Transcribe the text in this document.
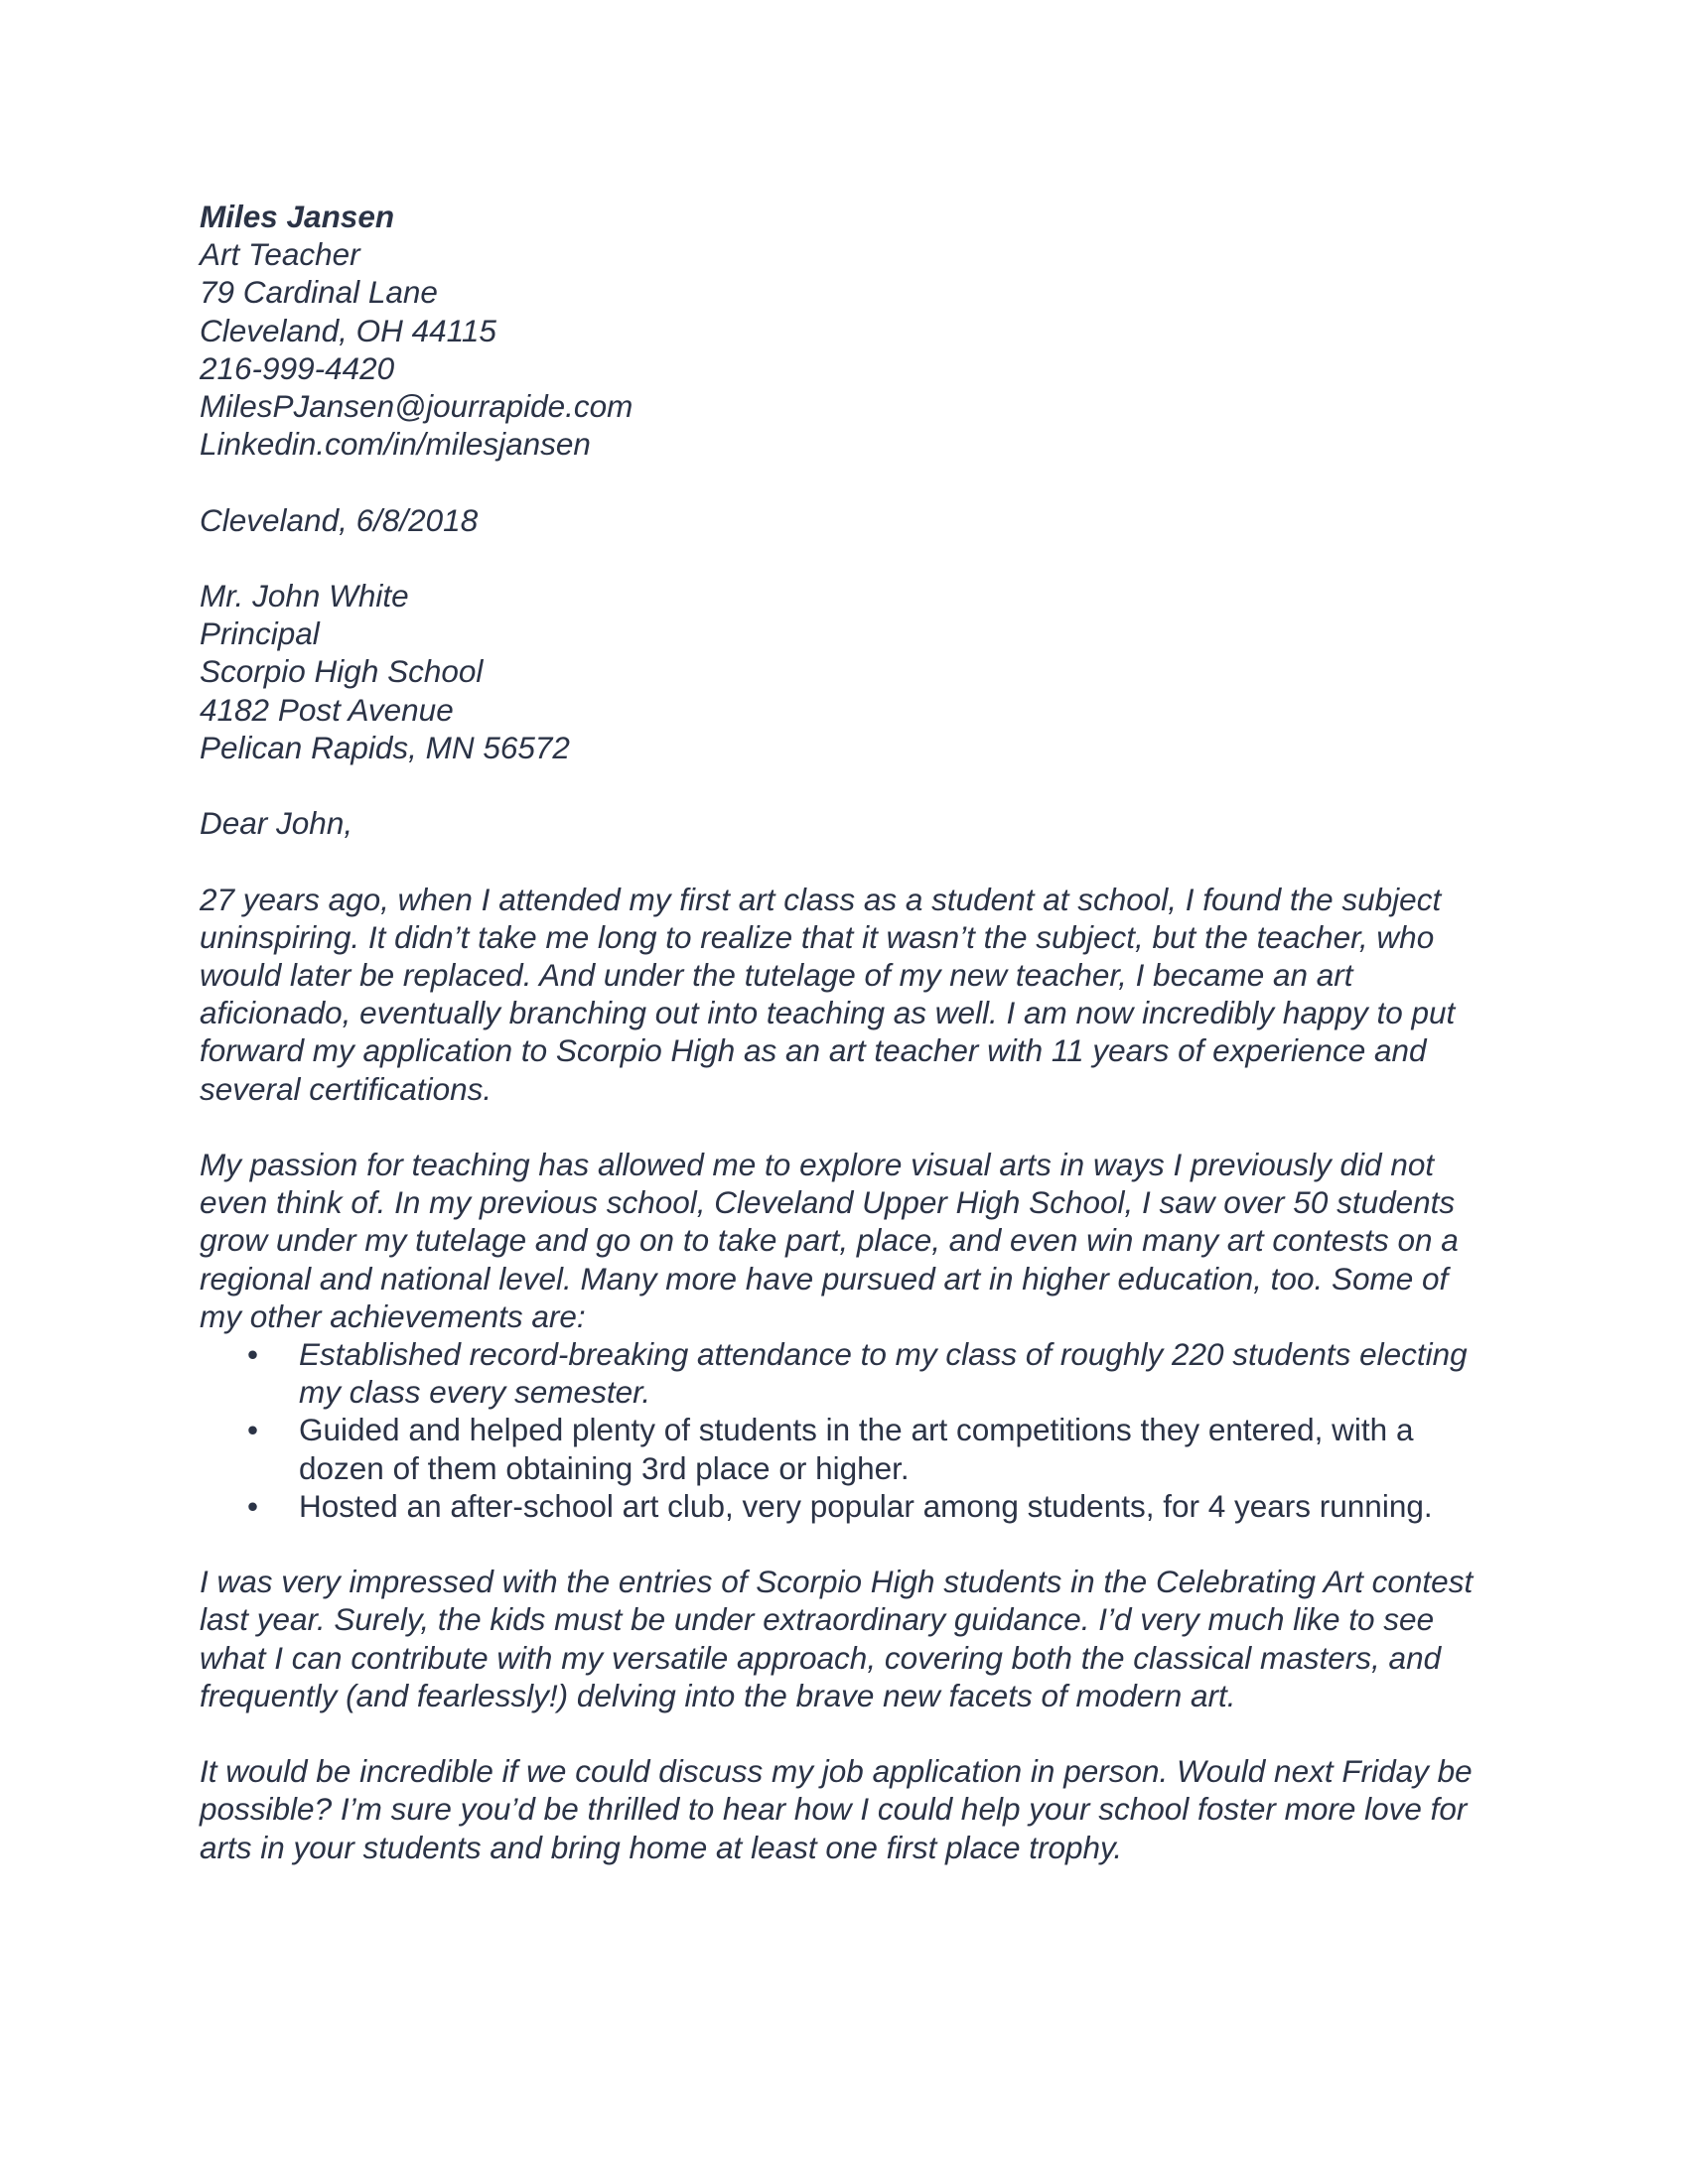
Miles Jansen
Art Teacher
79 Cardinal Lane
Cleveland, OH 44115
216-999-4420
MilesPJansen@jourrapide.com
Linkedin.com/in/milesjansen
Cleveland, 6/8/2018
Mr. John White
Principal
Scorpio High School
4182 Post Avenue
Pelican Rapids, MN 56572
Dear John,

27 years ago, when I attended my first art class as a student at school, I found the subject uninspiring. It didn’t take me long to realize that it wasn’t the subject, but the teacher, who would later be replaced. And under the tutelage of my new teacher, I became an art aficionado, eventually branching out into teaching as well. I am now incredibly happy to put forward my application to Scorpio High as an art teacher with 11 years of experience and several certifications.

My passion for teaching has allowed me to explore visual arts in ways I previously did not even think of. In my previous school, Cleveland Upper High School, I saw over 50 students grow under my tutelage and go on to take part, place, and even win many art contests on a regional and national level. Many more have pursued art in higher education, too. Some of my other achievements are:

• Established record-breaking attendance to my class of roughly 220 students electing my class every semester.
• Guided and helped plenty of students in the art competitions they entered, with a dozen of them obtaining 3rd place or higher.
• Hosted an after-school art club, very popular among students, for 4 years running.

I was very impressed with the entries of Scorpio High students in the Celebrating Art contest last year. Surely, the kids must be under extraordinary guidance. I’d very much like to see what I can contribute with my versatile approach, covering both the classical masters, and frequently (and fearlessly!) delving into the brave new facets of modern art.

It would be incredible if we could discuss my job application in person. Would next Friday be possible? I’m sure you’d be thrilled to hear how I could help your school foster more love for arts in your students and bring home at least one first place trophy.
